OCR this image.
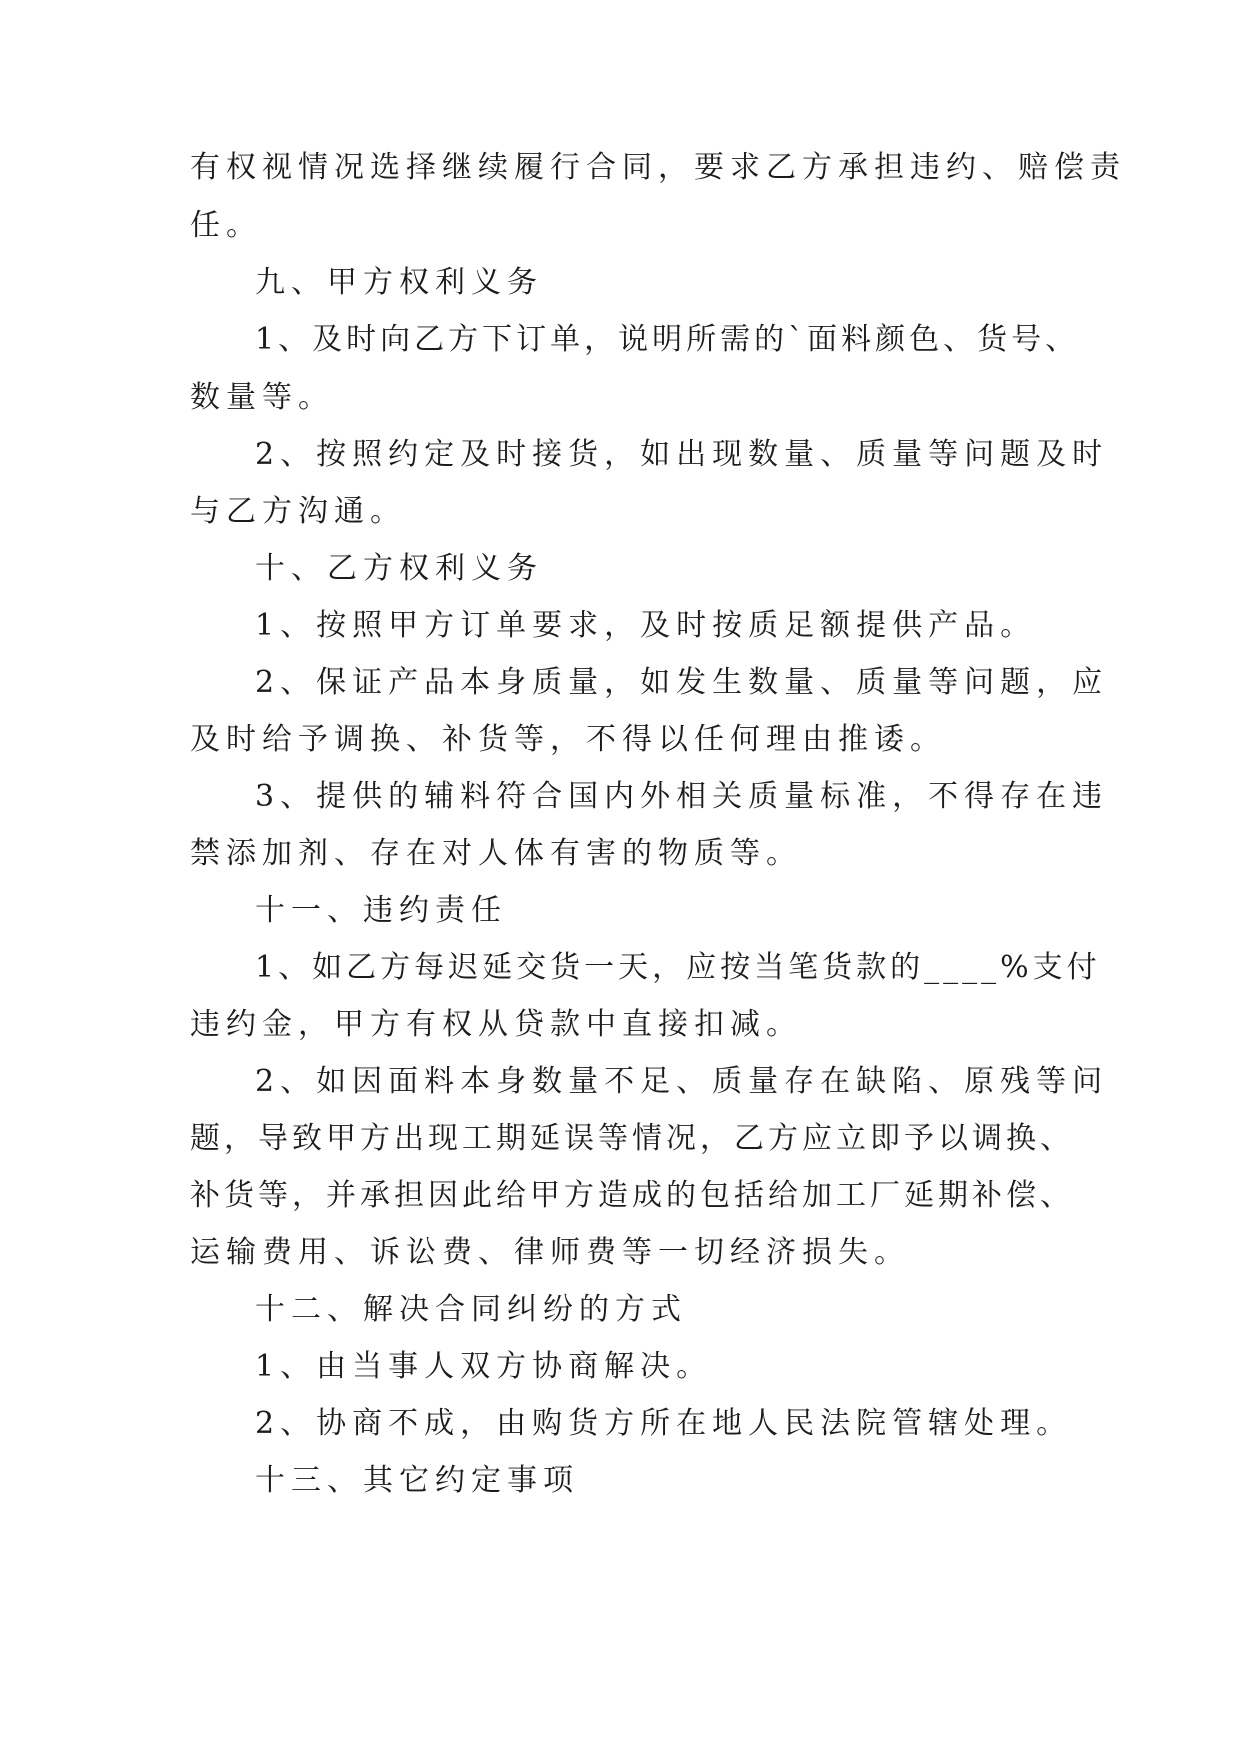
有权视情况选择继续履行合同，要求乙方承担违约、赔偿责

任。

九、甲方权利义务

1、及时向乙方下订单，说明所需的`面料颜色、货号、

数量等。

2、按照约定及时接货，如出现数量、质量等问题及时

与乙方沟通。

十、乙方权利义务

1、按照甲方订单要求，及时按质足额提供产品。

2、保证产品本身质量，如发生数量、质量等问题，应

及时给予调换、补货等，不得以任何理由推诿。

3、提供的辅料符合国内外相关质量标准，不得存在违

禁添加剂、存在对人体有害的物质等。

十一、违约责任

1、如乙方每迟延交货一天，应按当笔货款的____%支付

违约金，甲方有权从贷款中直接扣减。

2、如因面料本身数量不足、质量存在缺陷、原残等问

题，导致甲方出现工期延误等情况，乙方应立即予以调换、

补货等，并承担因此给甲方造成的包括给加工厂延期补偿、

运输费用、诉讼费、律师费等一切经济损失。

十二、解决合同纠纷的方式

1、由当事人双方协商解决。

2、协商不成，由购货方所在地人民法院管辖处理。

十三、其它约定事项
